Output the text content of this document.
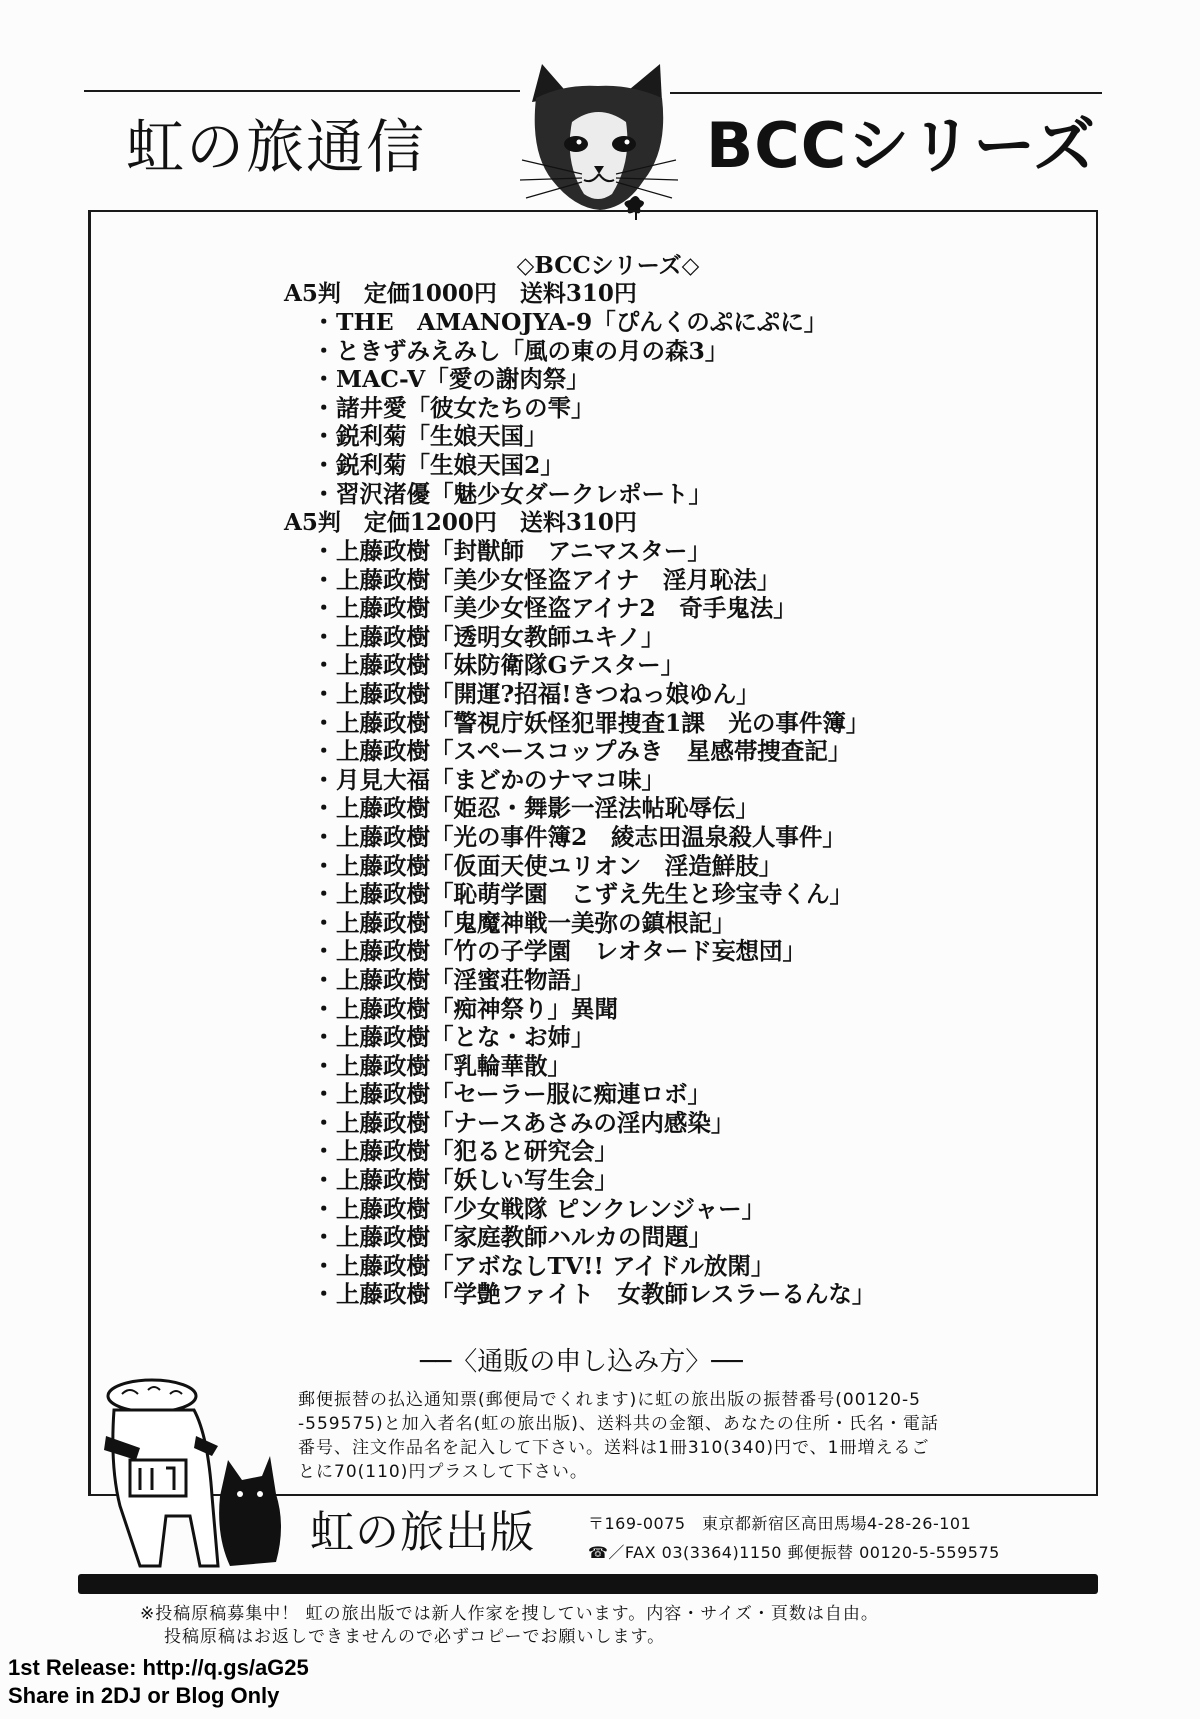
虹の旅通信	BCCシリーズ
◇BCCシリーズ◇
A5判　定価1000円　送料310円
・THE　AMANOJYA-9「ぴんくのぷにぷに」
・ときずみえみし「風の東の月の森3」
・MAC-V「愛の謝肉祭」
・諸井愛「彼女たちの雫」
・鋭利菊「生娘天国」
・鋭利菊「生娘天国2」
・習沢渚優「魅少女ダークレポート」
A5判　定価1200円　送料310円
・上藤政樹「封獣師　アニマスター」
・上藤政樹「美少女怪盗アイナ　淫月恥法」
・上藤政樹「美少女怪盗アイナ2　奇手鬼法」
・上藤政樹「透明女教師ユキノ」
・上藤政樹「妹防衛隊Gテスター」
・上藤政樹「開運?招福!きつねっ娘ゆん」
・上藤政樹「警視庁妖怪犯罪捜査1課　光の事件簿」
・上藤政樹「スペースコップみき　星感帯捜査記」
・月見大福「まどかのナマコ味」
・上藤政樹「姫忍・舞影一淫法帖恥辱伝」
・上藤政樹「光の事件簿2　綾志田温泉殺人事件」
・上藤政樹「仮面天使ユリオン　淫造鮮肢」
・上藤政樹「恥萌学園　こずえ先生と珍宝寺くん」
・上藤政樹「鬼魔神戦一美弥の鎮根記」
・上藤政樹「竹の子学園　レオタード妄想団」
・上藤政樹「淫蜜荘物語」
・上藤政樹「痴神祭り」異聞
・上藤政樹「とな・お姉」
・上藤政樹「乳輪華散」
・上藤政樹「セーラー服に痴連ロボ」
・上藤政樹「ナースあさみの淫内感染」
・上藤政樹「犯ると研究会」
・上藤政樹「妖しい写生会」
・上藤政樹「少女戦隊 ピンクレンジャー」
・上藤政樹「家庭教師ハルカの問題」
・上藤政樹「アボなしTV!! アイドル放閑」
・上藤政樹「学艶ファイト　女教師レスラーるんな」
──〈通販の申し込み方〉──
郵便振替の払込通知票(郵便局でくれます)に虹の旅出版の振替番号(00120-5
-559575)と加入者名(虹の旅出版)、送料共の金額、あなたの住所・氏名・電話
番号、注文作品名を記入して下さい。送料は1冊310(340)円で、1冊増えるご
とに70(110)円プラスして下さい。
虹の旅出版	〒169-0075　東京都新宿区高田馬場4-28-26-101
☎／FAX 03(3364)1150 郵便振替 00120-5-559575
※投稿原稿募集中！ 虹の旅出版では新人作家を捜しています。内容・サイズ・頁数は自由。
投稿原稿はお返しできませんので必ずコピーでお願いします。
1st Release: http://q.gs/aG25
Share in 2DJ or Blog Only
